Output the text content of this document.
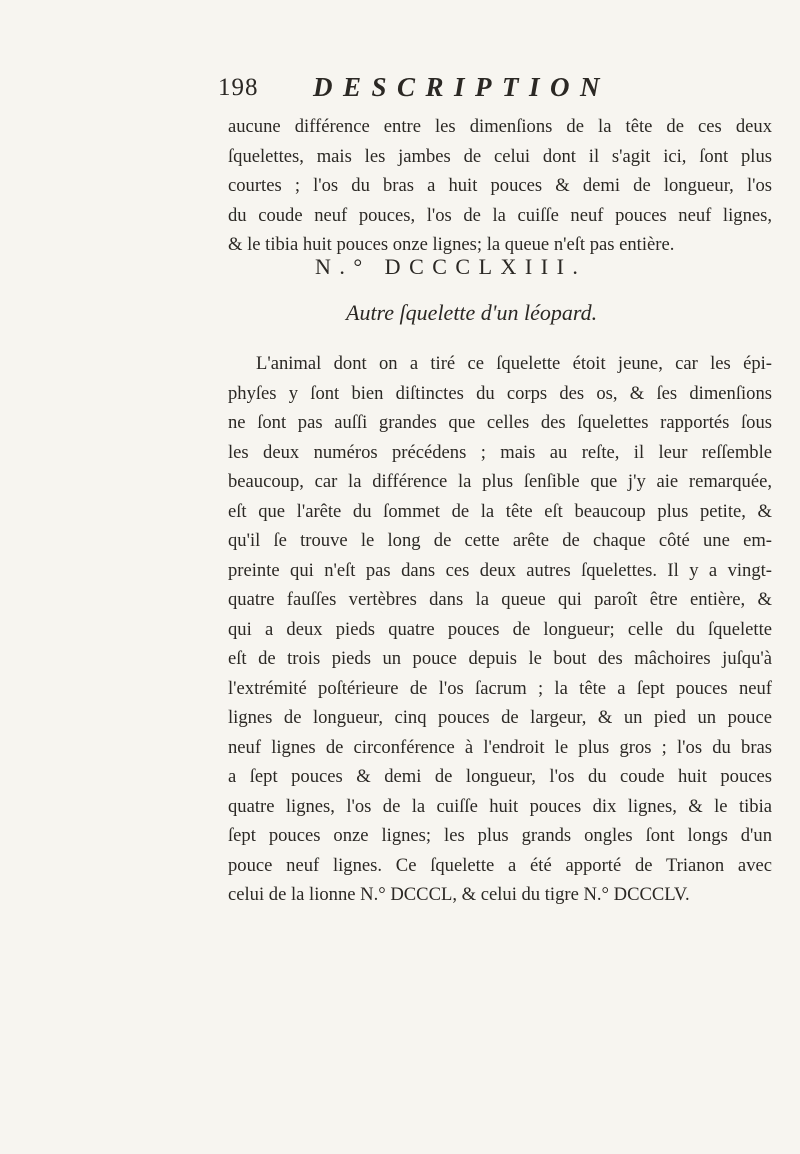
198 DESCRIPTION
aucune différence entre les dimenſions de la tête de ces deux
ſquelettes, mais les jambes de celui dont il s'agit ici, ſont plus
courtes ; l'os du bras a huit pouces & demi de longueur, l'os
du coude neuf pouces, l'os de la cuiſſe neuf pouces neuf lignes,
& le tibia huit pouces onze lignes; la queue n'eſt pas entière.
N.° DCCCLXIII.
Autre ſquelette d'un léopard.
L'animal dont on a tiré ce ſquelette étoit jeune, car les épi-
phyſes y ſont bien diſtinctes du corps des os, & ſes dimenſions
ne ſont pas auſſi grandes que celles des ſquelettes rapportés ſous
les deux numéros précédens ; mais au reſte, il leur reſſemble
beaucoup, car la différence la plus ſenſible que j'y aie remarquée,
eſt que l'arête du ſommet de la tête eſt beaucoup plus petite, &
qu'il ſe trouve le long de cette arête de chaque côté une em-
preinte qui n'eſt pas dans ces deux autres ſquelettes. Il y a vingt-
quatre fauſſes vertèbres dans la queue qui paroît être entière, &
qui a deux pieds quatre pouces de longueur; celle du ſquelette
eſt de trois pieds un pouce depuis le bout des mâchoires juſqu'à
l'extrémité poſtérieure de l'os ſacrum ; la tête a ſept pouces neuf
lignes de longueur, cinq pouces de largeur, & un pied un pouce
neuf lignes de circonférence à l'endroit le plus gros ; l'os du bras
a ſept pouces & demi de longueur, l'os du coude huit pouces
quatre lignes, l'os de la cuiſſe huit pouces dix lignes, & le tibia
ſept pouces onze lignes; les plus grands ongles ſont longs d'un
pouce neuf lignes. Ce ſquelette a été apporté de Trianon avec
celui de la lionne N.° DCCCL, & celui du tigre N.° DCCCLV.
